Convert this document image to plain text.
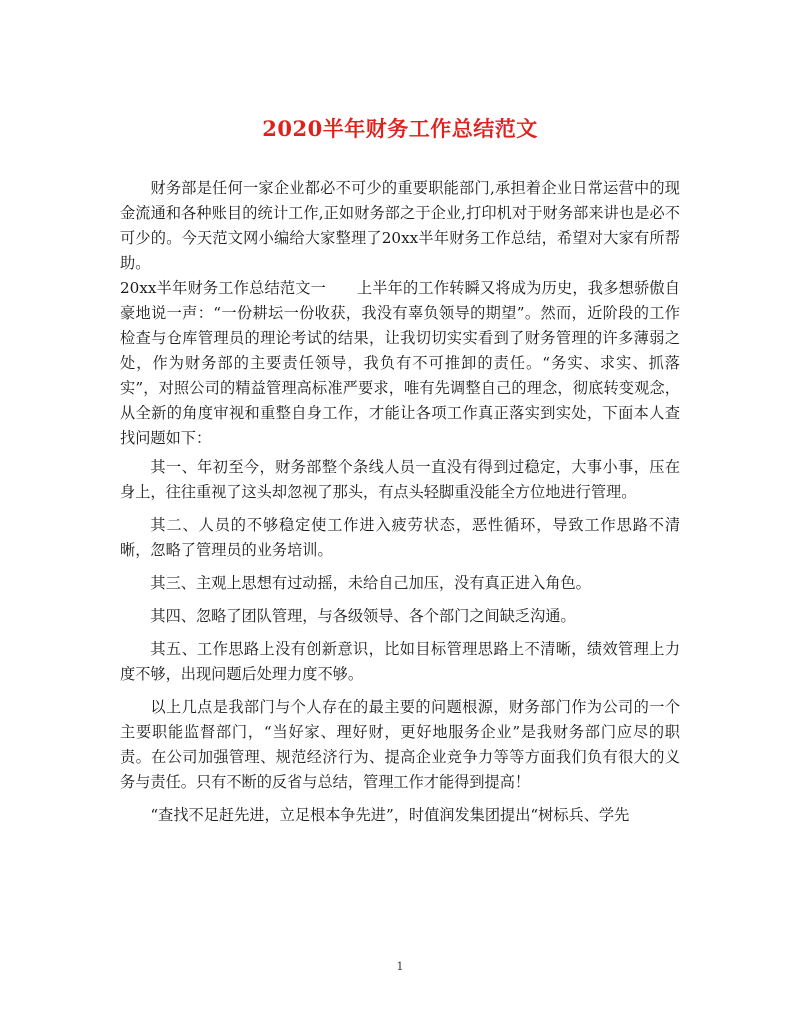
2020半年财务工作总结范文

财务部是任何一家企业都必不可少的重要职能部门,承担着企业日常运营中的现金流通和各种账目的统计工作,正如财务部之于企业,打印机对于财务部来讲也是必不可少的。今天范文网小编给大家整理了20xx半年财务工作总结，希望对大家有所帮助。

20xx半年财务工作总结范文一　　上半年的工作转瞬又将成为历史，我多想骄傲自豪地说一声：“一份耕坛一份收获，我没有辜负领导的期望”。然而，近阶段的工作检查与仓库管理员的理论考试的结果，让我切切实实看到了财务管理的许多薄弱之处，作为财务部的主要责任领导，我负有不可推卸的责任。“务实、求实、抓落实”，对照公司的精益管理高标准严要求，唯有先调整自己的理念，彻底转变观念，从全新的角度审视和重整自身工作，才能让各项工作真正落实到实处，下面本人查找问题如下：

其一、年初至今，财务部整个条线人员一直没有得到过稳定，大事小事，压在身上，往往重视了这头却忽视了那头，有点头轻脚重没能全方位地进行管理。

其二、人员的不够稳定使工作进入疲劳状态，恶性循环，导致工作思路不清晰，忽略了管理员的业务培训。

其三、主观上思想有过动摇，未给自己加压，没有真正进入角色。

其四、忽略了团队管理，与各级领导、各个部门之间缺乏沟通。

其五、工作思路上没有创新意识，比如目标管理思路上不清晰，绩效管理上力度不够，出现问题后处理力度不够。

以上几点是我部门与个人存在的最主要的问题根源，财务部门作为公司的一个主要职能监督部门，“当好家、理好财，更好地服务企业”是我财务部门应尽的职责。在公司加强管理、规范经济行为、提高企业竞争力等等方面我们负有很大的义务与责任。只有不断的反省与总结，管理工作才能得到提高！

“查找不足赶先进，立足根本争先进”，时值润发集团提出“树标兵、学先

1
